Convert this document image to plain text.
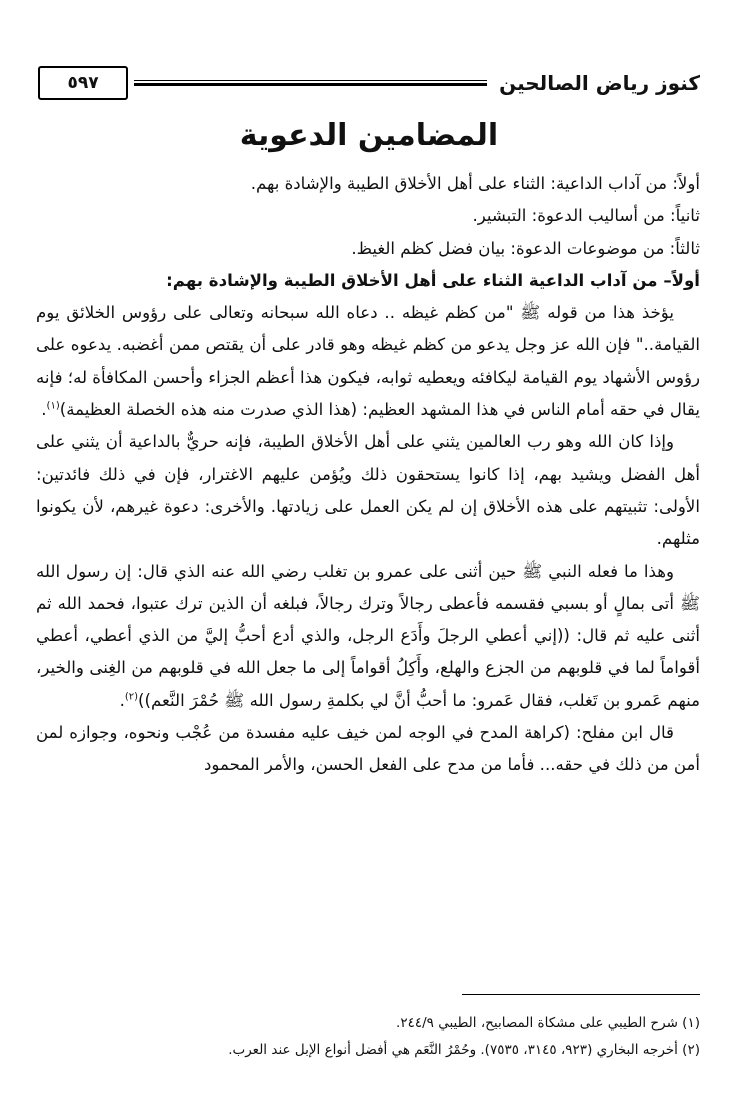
كنوز رياض الصالحين
٥٩٧
المضامين الدعوية

أولاً: من آداب الداعية: الثناء على أهل الأخلاق الطيبة والإشادة بهم.

ثانياً: من أساليب الدعوة: التبشير.

ثالثاً: من موضوعات الدعوة: بيان فضل كظم الغيظ.

أولاً– من آداب الداعية الثناء على أهل الأخلاق الطيبة والإشادة بهم:

يؤخذ هذا من قوله ﷺ "من كظم غيظه .. دعاه الله سبحانه وتعالى على رؤوس الخلائق يوم القيامة.." فإن الله عز وجل يدعو من كظم غيظه وهو قادر على أن يقتص ممن أغضبه. يدعوه على رؤوس الأشهاد يوم القيامة ليكافئه ويعطيه ثوابه، فيكون هذا أعظم الجزاء وأحسن المكافأة له؛ فإنه يقال في حقه أمام الناس في هذا المشهد العظيم: (هذا الذي صدرت منه هذه الخصلة العظيمة)$^{(١)}$.

وإذا كان الله وهو رب العالمين يثني على أهل الأخلاق الطيبة، فإنه حريٌّ بالداعية أن يثني على أهل الفضل ويشيد بهم، إذا كانوا يستحقون ذلك ويُؤمن عليهم الاغترار، فإن في ذلك فائدتين: الأولى: تثبيتهم على هذه الأخلاق إن لم يكن العمل على زيادتها. والأخرى: دعوة غيرهم، لأن يكونوا مثلهم.

وهذا ما فعله النبي ﷺ حين أثنى على عمرو بن تغلب رضي الله عنه الذي قال: إن رسول الله ﷺ أتى بمالٍ أو بسبي فقسمه فأعطى رجالاً وترك رجالاً، فبلغه أن الذين ترك عتبوا، فحمد الله ثم أثنى عليه ثم قال: ((إني أعطي الرجلَ وأَدَع الرجل، والذي أدع أحبُّ إليَّ من الذي أعطي، أعطي أقواماً لما في قلوبهم من الجزع والهلع، وأَكِلُ أقواماً إلى ما جعل الله في قلوبهم من الغِنى والخير، منهم عَمرو بن تَغلب، فقال عَمرو: ما أحبُّ أنَّ لي بكلمةِ رسول الله ﷺ حُمْرَ النَّعم))$^{(٢)}$.

قال ابن مفلح: (كراهة المدح في الوجه لمن خيف عليه مفسدة من عُجْب ونحوه، وجوازه لمن أمن من ذلك في حقه... فأما من مدح على الفعل الحسن، والأمر المحمود

(١) شرح الطيبي على مشكاة المصابيح، الطيبي ٢٤٤/٩.

(٢) أخرجه البخاري (٩٢٣، ٣١٤٥، ٧٥٣٥). وحُمْرُ النَّعَم هي أفضل أنواع الإبل عند العرب.
